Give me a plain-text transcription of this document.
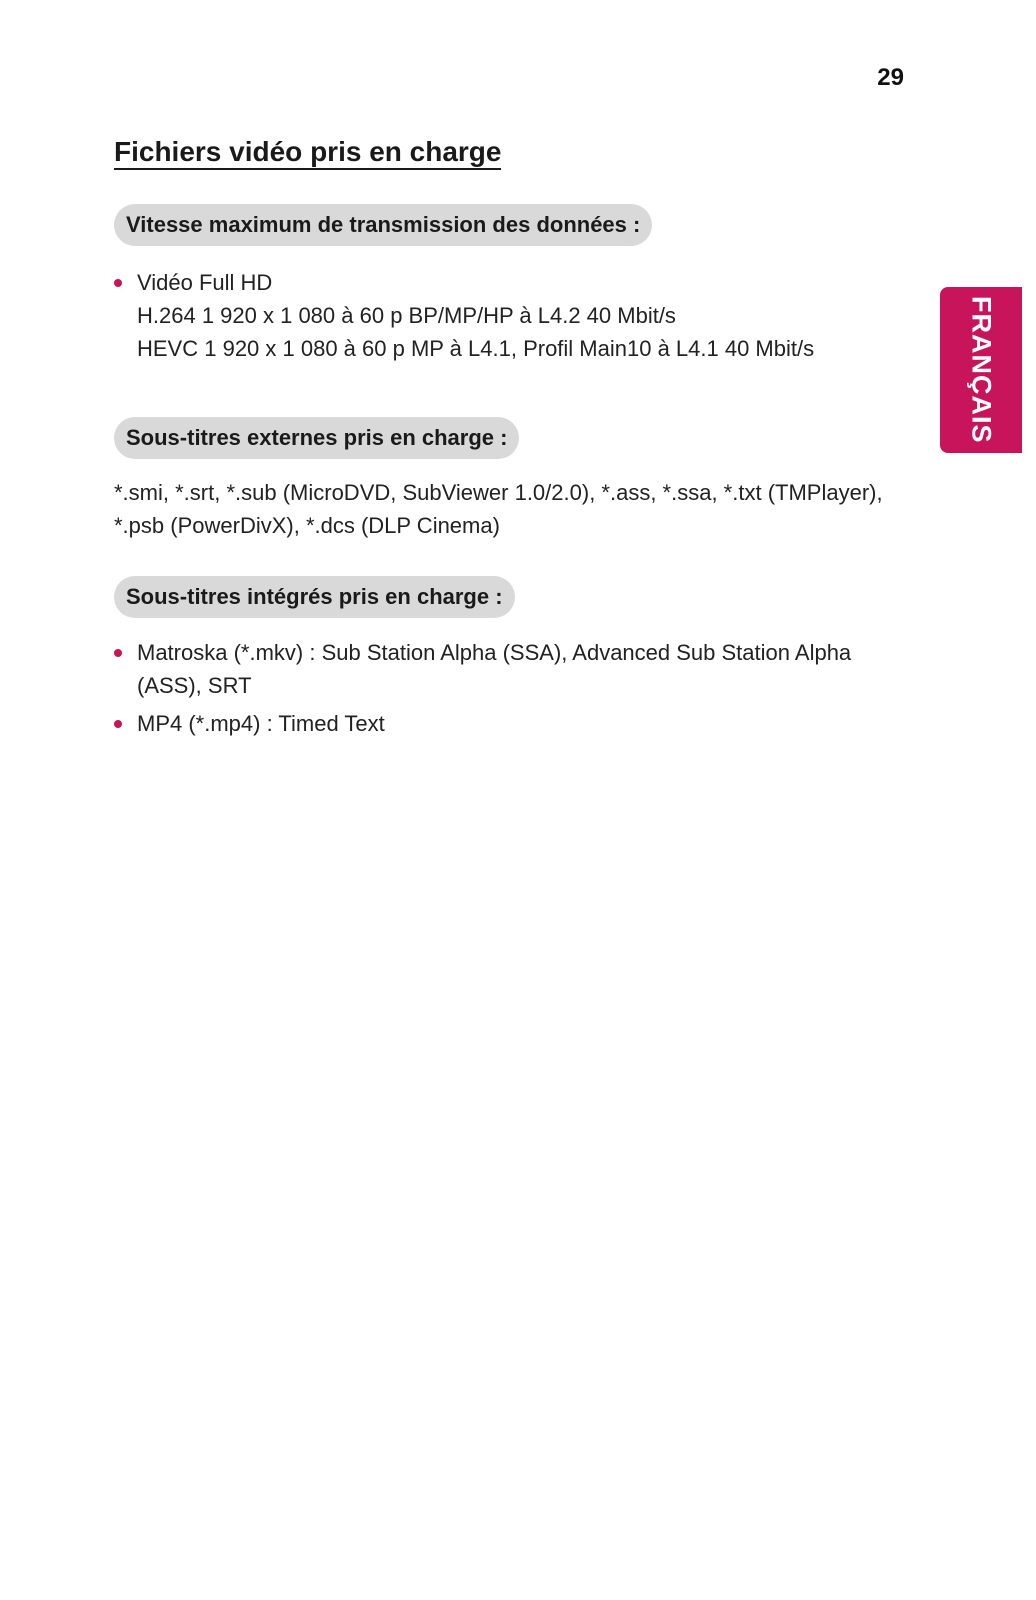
29
FRANÇAIS
Fichiers vidéo pris en charge
Vitesse maximum de transmission des données :
Vidéo Full HD
H.264 1 920 x 1 080 à 60 p BP/MP/HP à L4.2 40 Mbit/s
HEVC 1 920 x 1 080 à 60 p MP à L4.1, Profil Main10 à L4.1 40 Mbit/s
Sous-titres externes pris en charge :
*.smi, *.srt, *.sub (MicroDVD, SubViewer 1.0/2.0), *.ass, *.ssa, *.txt (TMPlayer),
*.psb (PowerDivX), *.dcs (DLP Cinema)
Sous-titres intégrés pris en charge :
Matroska (*.mkv) : Sub Station Alpha (SSA), Advanced Sub Station Alpha
(ASS), SRT
MP4 (*.mp4) : Timed Text
